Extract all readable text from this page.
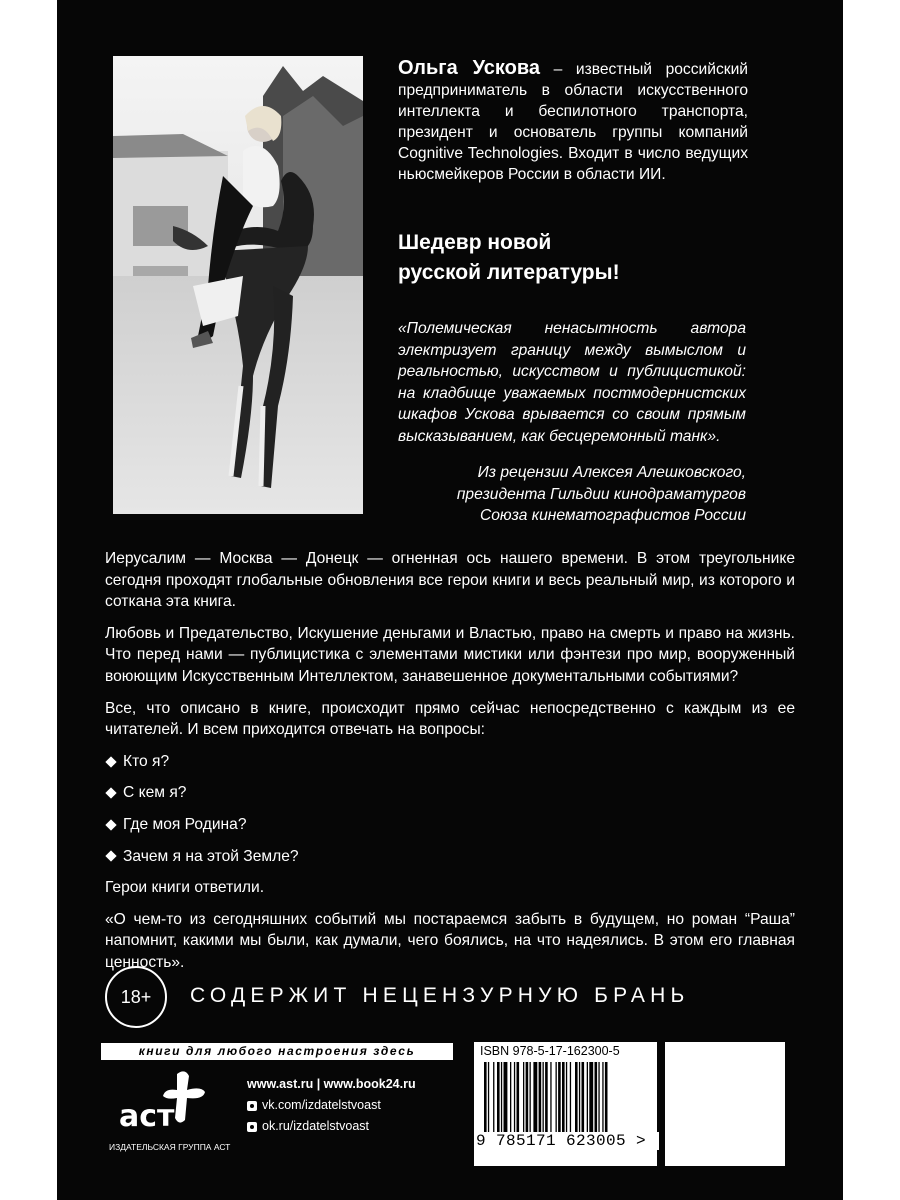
Ольга Ускова – известный российский предприниматель в области искусственного интеллекта и беспилотного транспорта, президент и основатель группы компаний Cognitive Technologies. Входит в число ведущих ньюсмейкеров России в области ИИ.
Шедевр новой
русской литературы!
«Полемическая ненасытность автора электризует границу между вымыслом и реальностью, искусством и публицистикой: на кладбище уважаемых постмодернистских шкафов Ускова врывается со своим прямым высказыванием, как бесцеремонный танк».
Из рецензии Алексея Алешковского,
президента Гильдии кинодраматургов
Союза кинематографистов России

Иерусалим — Москва — Донецк — огненная ось нашего времени. В этом треугольнике сегодня проходят глобальные обновления все герои книги и весь реальный мир, из которого и соткана эта книга.

Любовь и Предательство, Искушение деньгами и Властью, право на смерть и право на жизнь. Что перед нами — публицистика с элементами мистики или фэнтези про мир, вооруженный воюющим Искусственным Интеллектом, занавешенное документальными событиями?

Все, что описано в книге, происходит прямо сейчас непосредственно с каждым из ее читателей. И всем приходится отвечать на вопросы:

Кто я?
С кем я?
Где моя Родина?
Зачем я на этой Земле?

Герои книги ответили.

«О чем-то из сегодняшних событий мы постараемся забыть в будущем, но роман “Раша” напомнит, какими мы были, как думали, чего боялись, на что надеялись. В этом его главная ценность».

18+	СОДЕРЖИТ НЕЦЕНЗУРНУЮ БРАНЬ
книги для любого настроения здесь
аст
ИЗДАТЕЛЬСКАЯ ГРУППА АСТ
www.ast.ru | www.book24.ru
vk.com/izdatelstvoast
ok.ru/izdatelstvoast
ISBN 978-5-17-162300-5
9 785171 623005 >
